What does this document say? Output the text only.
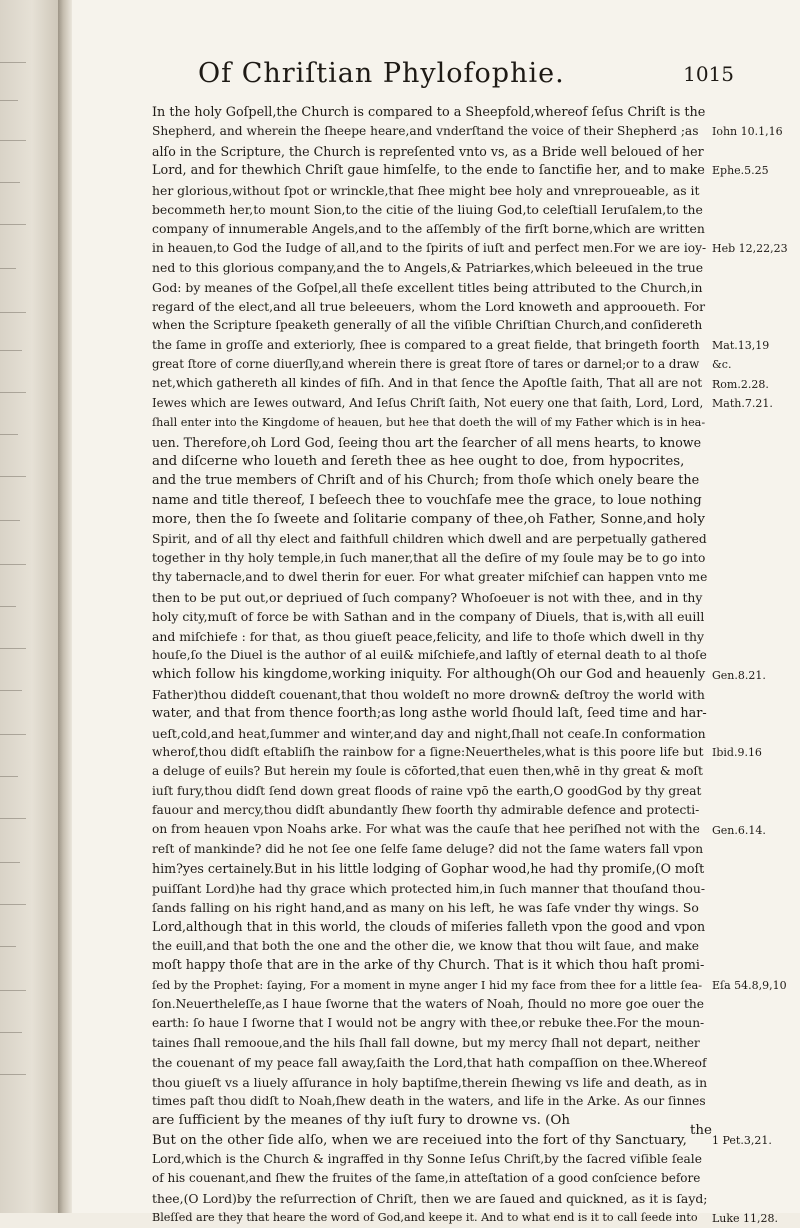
Of Chriſtian Phylofophie.	1015
In the holy Goſpell,the Church is compared to a Sheepfold,whereof ſeſus Chriſt is the
Shepherd, and wherein the ſheepe heare,and vnderſtand the voice of their Shepherd ;as
alſo in the Scripture, the Church is repreſented vnto vs, as a Bride well beloued of her
Lord, and for thewhich Chriſt gaue himſelfe, to the ende to ſanctifie her, and to make
her glorious,without ſpot or wrinckle,that ſhee might bee holy and vnreproueable, as it
becommeth her,to mount Sion,to the citie of the liuing God,to celeſtiall Ieruſalem,to the
company of innumerable Angels,and to the aſſembly of the firſt borne,which are written
in heauen,to God the Iudge of all,and to the ſpirits of iuſt and perfect men.For we are ioy-
ned to this glorious company,and the to Angels,& Patriarkes,which beleeued in the true
God: by meanes of the Goſpel,all theſe excellent titles being attributed to the Church,in
regard of the elect,and all true beleeuers, whom the Lord knoweth and approoueth. For
when the Scripture ſpeaketh generally of all the viſible Chriſtian Church,and conſidereth
the ſame in groſſe and exteriorly, ſhee is compared to a great fielde, that bringeth foorth
great ſtore of corne diuerſly,and wherein there is great ſtore of tares or darnel;or to a draw
net,which gathereth all kindes of fiſh. And in that ſence the Apoſtle ſaith, That all are not
Iewes which are Iewes outward, And Ieſus Chriſt ſaith, Not euery one that ſaith, Lord, Lord,
ſhall enter into the Kingdome of heauen, but hee that doeth the will of my Father which is in hea-
uen. Therefore,oh Lord God, ſeeing thou art the ſearcher of all mens hearts, to knowe
and diſcerne who loueth and ſereth thee as hee ought to doe, from hypocrites,
and the true members of Chriſt and of his Church; from thoſe which onely beare the
name and title thereof, I beſeech thee to vouchſafe mee the grace, to loue nothing
more, then the ſo ſweete and ſolitarie company of thee,oh Father, Sonne,and holy
Spirit, and of all thy elect and faithfull children which dwell and are perpetually gathered
together in thy holy temple,in ſuch maner,that all the deſire of my ſoule may be to go into
thy tabernacle,and to dwel therin for euer. For what greater miſchief can happen vnto me
then to be put out,or depriued of ſuch company? Whoſoeuer is not with thee, and in thy
holy city,muſt of force be with Sathan and in the company of Diuels, that is,with all euill
and miſchiefe : for that, as thou giueſt peace,felicity, and life to thoſe which dwell in thy
houſe,ſo the Diuel is the author of al euil& miſchiefe,and laſtly of eternal death to al thoſe
which follow his kingdome,working iniquity. For although(Oh our God and heauenly
Father)thou diddeſt couenant,that thou woldeſt no more drown& deſtroy the world with
water, and that from thence foorth;as long asthe world ſhould laſt, ſeed time and har-
ueſt,cold,and heat,ſummer and winter,and day and night,ſhall not ceaſe.In conformation
wherof,thou didſt eſtabliſh the rainbow for a ſigne:Neuertheles,what is this poore life but
a deluge of euils? But herein my ſoule is cōforted,that euen then,whē in thy great & moſt
iuſt fury,thou didſt ſend down great floods of raine vpō the earth,O goodGod by thy great
fauour and mercy,thou didſt abundantly ſhew foorth thy admirable defence and protecti-
on from heauen vpon Noahs arke. For what was the cauſe that hee periſhed not with the
reſt of mankinde? did he not ſee one ſelfe ſame deluge? did not the ſame waters fall vpon
him?yes certainely.But in his little lodging of Gophar wood,he had thy promiſe,(O moſt
puiſſant Lord)he had thy grace which protected him,in ſuch manner that thouſand thou-
ſands falling on his right hand,and as many on his left, he was ſafe vnder thy wings. So
Lord,although that in this world, the clouds of miſeries falleth vpon the good and vpon
the euill,and that both the one and the other die, we know that thou wilt ſaue, and make
moſt happy thoſe that are in the arke of thy Church. That is it which thou haſt promi-
ſed by the Prophet: ſaying, For a moment in myne anger I hid my face from thee for a little ſea-
ſon.Neuertheleſſe,as I haue ſworne that the waters of Noah, ſhould no more goe ouer the
earth: ſo haue I ſworne that I would not be angry with thee,or rebuke thee.For the moun-
taines ſhall remooue,and the hils ſhall fall downe, but my mercy ſhall not depart, neither
the couenant of my peace fall away,ſaith the Lord,that hath compaſſion on thee.Whereof
thou giueſt vs a liuely aſſurance in holy baptiſme,therein ſhewing vs life and death, as in
times paſt thou didſt to Noah,ſhew death in the waters, and life in the Arke. As our ſinnes
are ſufficient by the meanes of thy iuſt fury to drowne vs. (Oh
But on the other ſide alſo, when we are receiued into the fort of thy Sanctuary,
Lord,which is the Church & ingraffed in thy Sonne Ieſus Chriſt,by the ſacred viſible ſeale
of his couenant,and ſhew the fruites of the ſame,in atteſtation of a good conſcience before
thee,(O Lord)by the reſurrection of Chriſt, then we are ſaued and quickned, as it is ſayd;
Bleſſed are they that heare the word of God,and keepe it. And to what end is it to call ſeede into
Iohn 10.1,16
Ephe.5.25
Heb 12,22,23
Mat.13,19
&c.
Rom.2.28.
Math.7.21.
Gen.8.21.
Ibid.9.16
Gen.6.14.
Eſa 54.8,9,10
1 Pet.3,21.
Luke 11,28.
the
